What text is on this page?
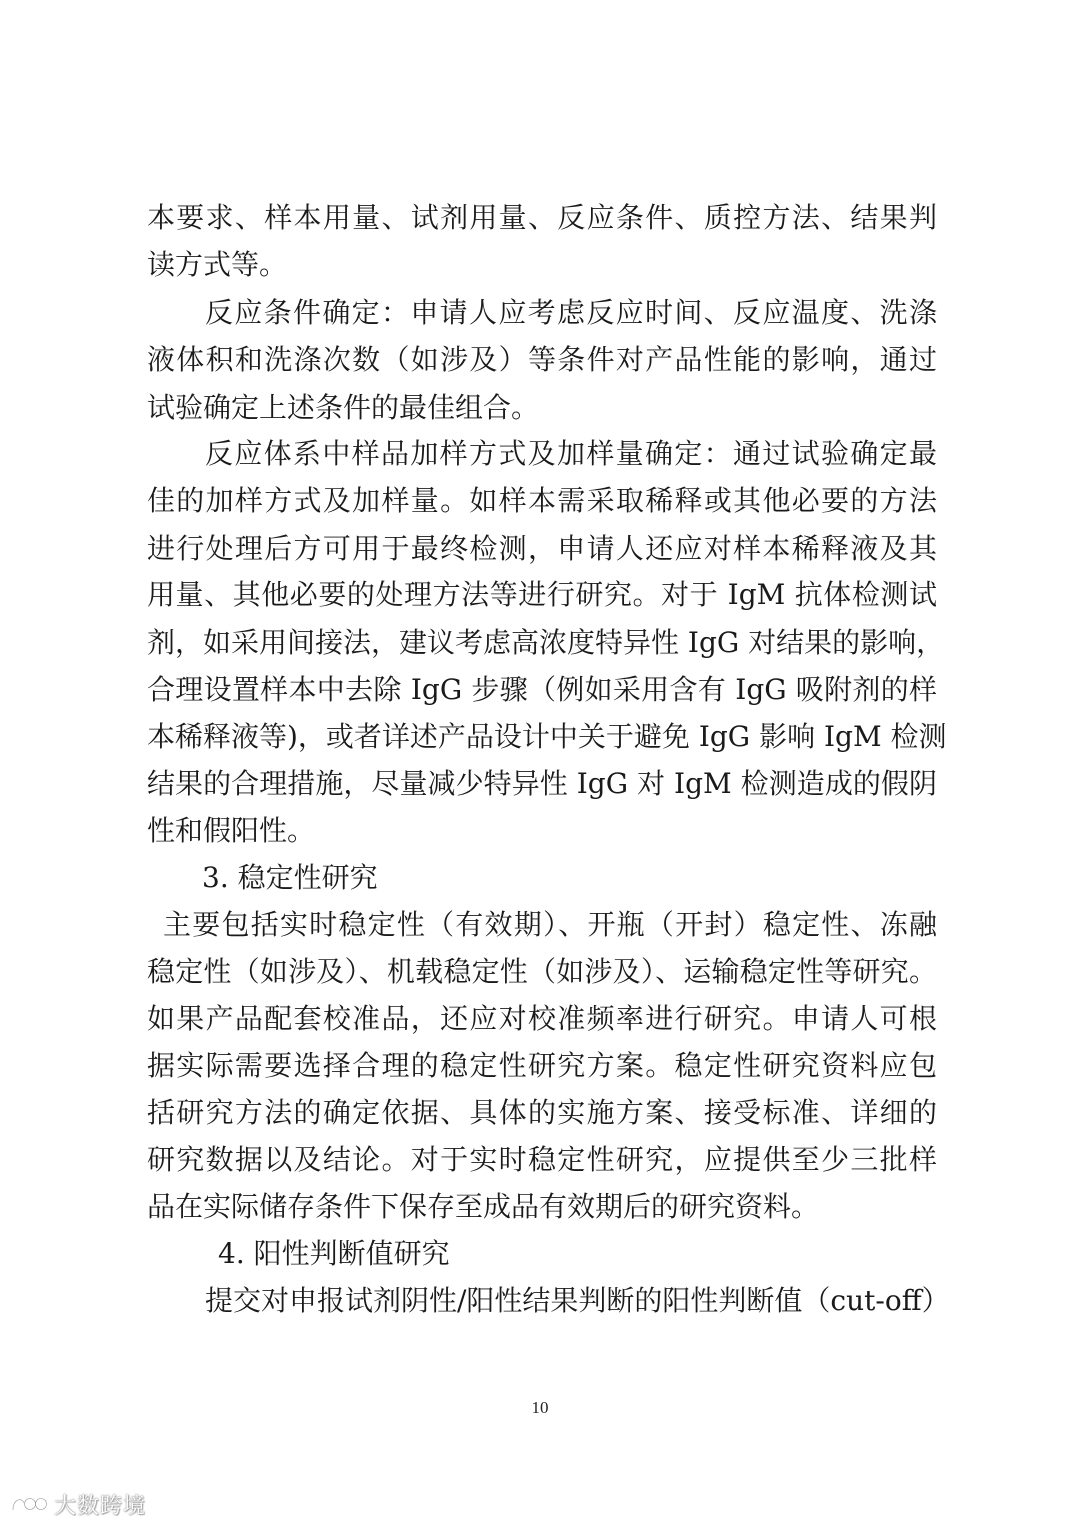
本要求、样本用量、试剂用量、反应条件、质控方法、结果判
读方式等。
反应条件确定：申请人应考虑反应时间、反应温度、洗涤
液体积和洗涤次数（如涉及）等条件对产品性能的影响，通过
试验确定上述条件的最佳组合。
反应体系中样品加样方式及加样量确定：通过试验确定最
佳的加样方式及加样量。如样本需采取稀释或其他必要的方法
进行处理后方可用于最终检测，申请人还应对样本稀释液及其
用量、其他必要的处理方法等进行研究。对于 IgM 抗体检测试
剂，如采用间接法，建议考虑高浓度特异性 IgG 对结果的影响，
合理设置样本中去除 IgG 步骤（例如采用含有 IgG 吸附剂的样
本稀释液等)，或者详述产品设计中关于避免 IgG 影响 IgM 检测
结果的合理措施，尽量减少特异性 IgG 对 IgM 检测造成的假阴
性和假阳性。
3. 稳定性研究
主要包括实时稳定性（有效期）、开瓶（开封）稳定性、冻融
稳定性（如涉及）、机载稳定性（如涉及）、运输稳定性等研究。
如果产品配套校准品，还应对校准频率进行研究。申请人可根
据实际需要选择合理的稳定性研究方案。稳定性研究资料应包
括研究方法的确定依据、具体的实施方案、接受标准、详细的
研究数据以及结论。对于实时稳定性研究，应提供至少三批样
品在实际储存条件下保存至成品有效期后的研究资料。
4. 阳性判断值研究
提交对申报试剂阴性/阳性结果判断的阳性判断值（cut-off）
10
大数跨境
